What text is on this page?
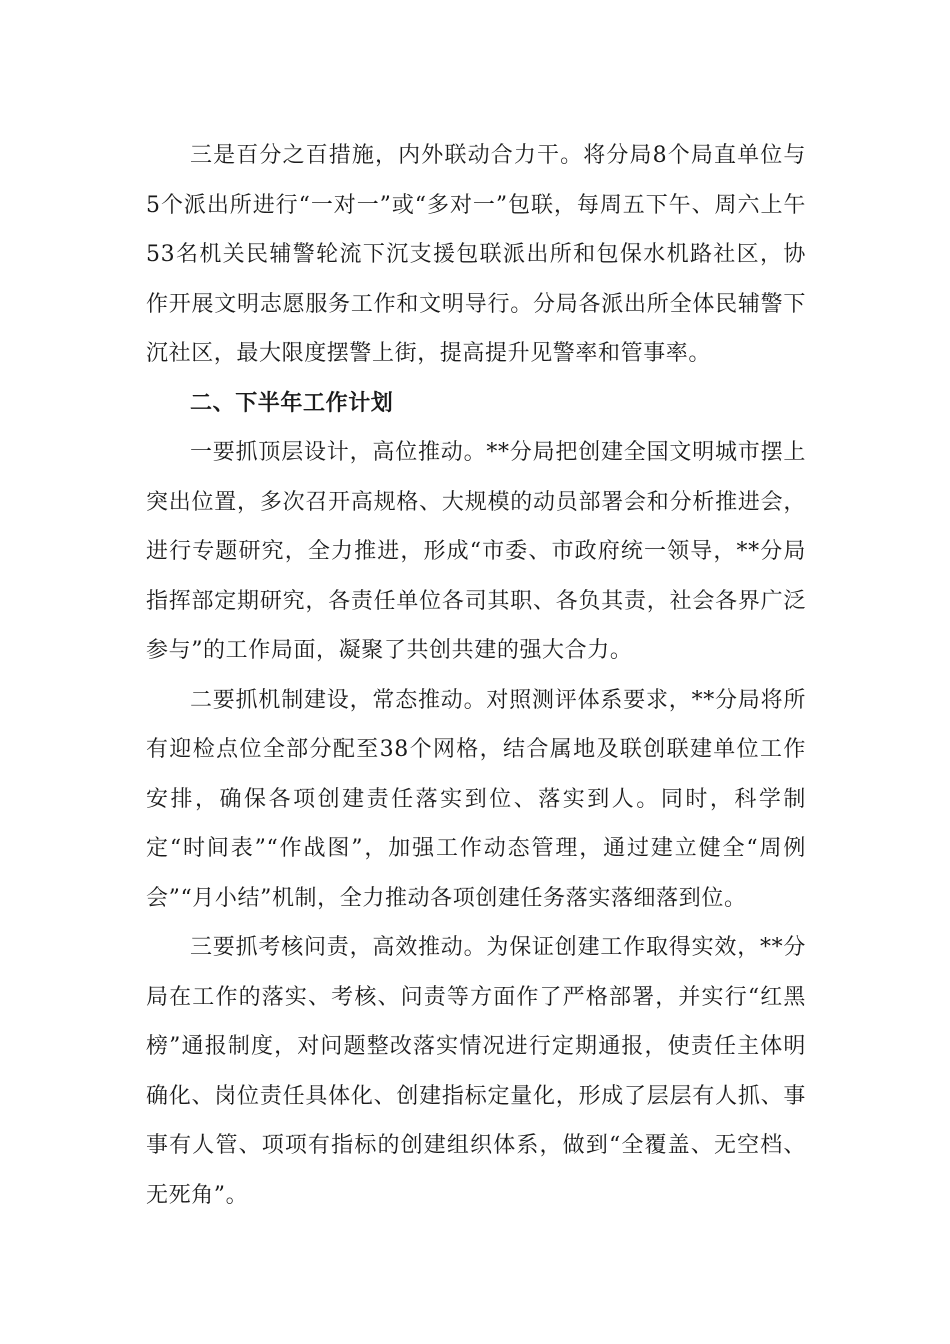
三是百分之百措施，内外联动合力干。将分局8个局直单位与5个派出所进行“一对一”或“多对一”包联，每周五下午、周六上午53名机关民辅警轮流下沉支援包联派出所和包保水机路社区，协作开展文明志愿服务工作和文明导行。分局各派出所全体民辅警下沉社区，最大限度摆警上街，提高提升见警率和管事率。

二、下半年工作计划

一要抓顶层设计，高位推动。**分局把创建全国文明城市摆上突出位置，多次召开高规格、大规模的动员部署会和分析推进会，进行专题研究，全力推进，形成“市委、市政府统一领导，**分局指挥部定期研究，各责任单位各司其职、各负其责，社会各界广泛参与”的工作局面，凝聚了共创共建的强大合力。

二要抓机制建设，常态推动。对照测评体系要求，**分局将所有迎检点位全部分配至38个网格，结合属地及联创联建单位工作安排，确保各项创建责任落实到位、落实到人。同时，科学制定“时间表”“作战图”，加强工作动态管理，通过建立健全“周例会”“月小结”机制，全力推动各项创建任务落实落细落到位。

三要抓考核问责，高效推动。为保证创建工作取得实效，**分局在工作的落实、考核、问责等方面作了严格部署，并实行“红黑榜”通报制度，对问题整改落实情况进行定期通报，使责任主体明确化、岗位责任具体化、创建指标定量化，形成了层层有人抓、事事有人管、项项有指标的创建组织体系，做到“全覆盖、无空档、无死角”。
